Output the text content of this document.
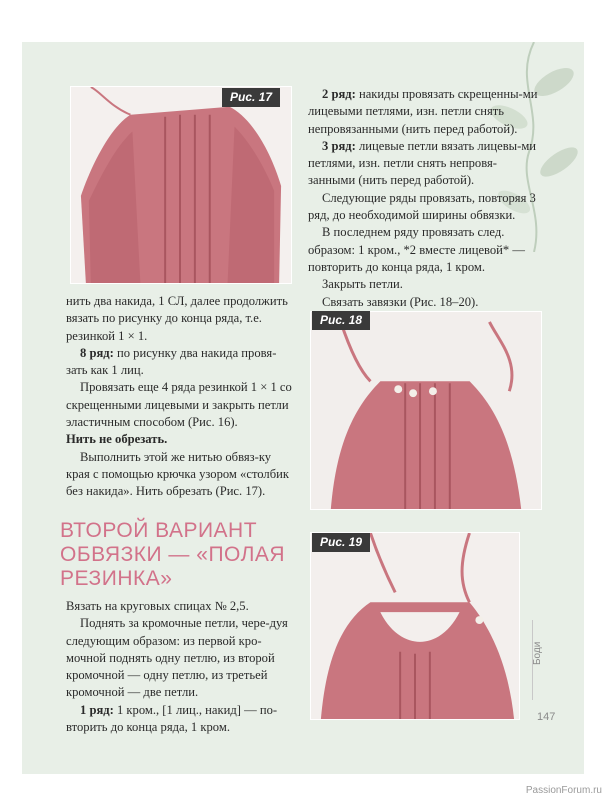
Рис. 17	2 ряд: накиды провязать скрещенны-ми лицевыми петлями, изн. петли снять непровязанными (нить перед работой).

3 ряд: лицевые петли вязать лицевы-ми петлями, изн. петли снять непровя-занными (нить перед работой).

Следующие ряды провязать, повторяя 3 ряд, до необходимой ширины обвязки.

В последнем ряду провязать след. образом: 1 кром., *2 вместе лицевой* — повторить до конца ряда, 1 кром.

Закрыть петли.

Связать завязки (Рис. 18–20).

нить два накида, 1 СЛ, далее продолжить вязать по рисунку до конца ряда, т.е. резинкой 1 × 1.

8 ряд: по рисунку два накида провя-зать как 1 лиц.

Провязать еще 4 ряда резинкой 1 × 1 со скрещенными лицевыми и закрыть петли эластичным способом (Рис. 16).

Нить не обрезать.

Выполнить этой же нитью обвяз-ку края с помощью крючка узором «столбик без накида». Нить обрезать (Рис. 17).

Рис. 18
ВТОРОЙ ВАРИАНТ ОБВЯЗКИ — «ПОЛАЯ РЕЗИНКА»

Вязать на круговых спицах № 2,5.

Поднять за кромочные петли, чере-дуя следующим образом: из первой кро-мочной поднять одну петлю, из второй кромочной — одну петлю, из третьей кромочной — две петли.

1 ряд: 1 кром., [1 лиц., накид] — по-вторить до конца ряда, 1 кром.

Рис. 19
Боди
147
PassionForum.ru
